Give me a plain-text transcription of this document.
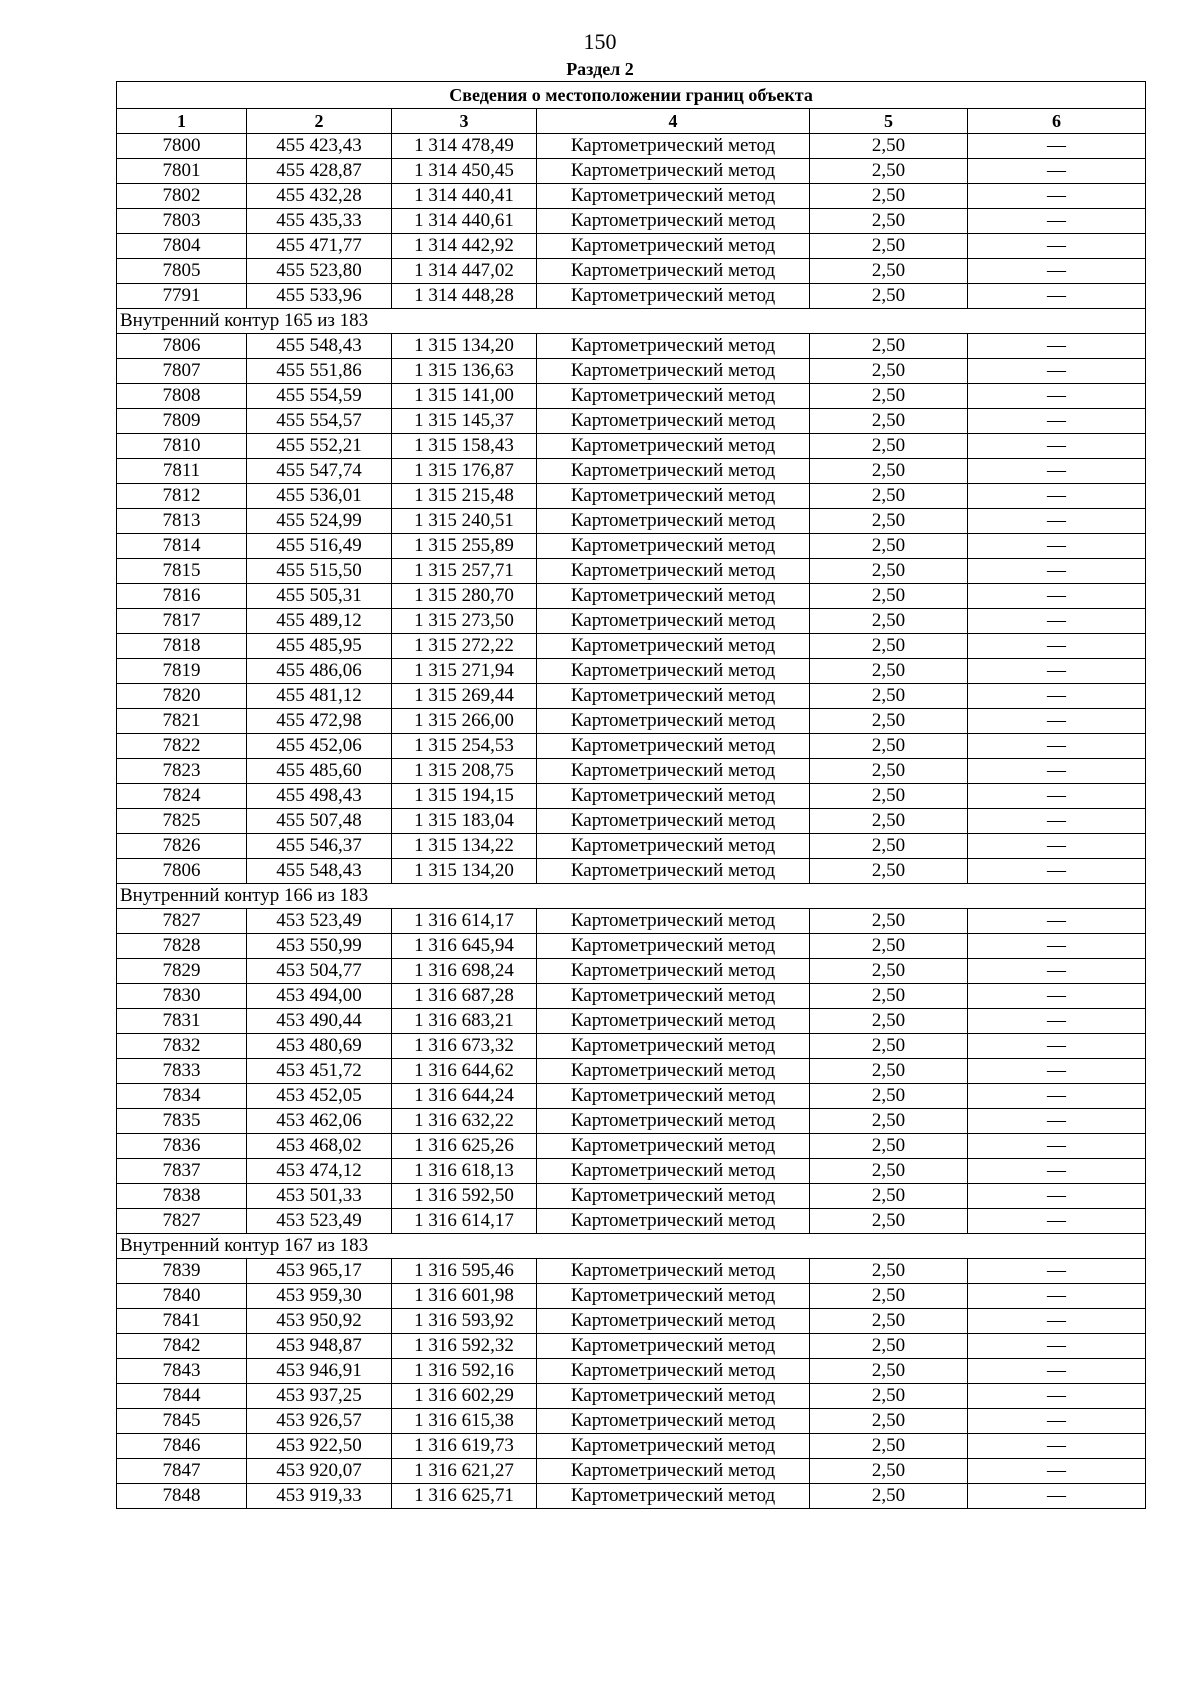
150
Раздел 2
Сведения о местоположении границ объекта					
1	2	3	4	5	6
7800	455 423,43	1 314 478,49	Картометрический метод	2,50	—
7801	455 428,87	1 314 450,45	Картометрический метод	2,50	—
7802	455 432,28	1 314 440,41	Картометрический метод	2,50	—
7803	455 435,33	1 314 440,61	Картометрический метод	2,50	—
7804	455 471,77	1 314 442,92	Картометрический метод	2,50	—
7805	455 523,80	1 314 447,02	Картометрический метод	2,50	—
7791	455 533,96	1 314 448,28	Картометрический метод	2,50	—
Внутренний контур 165 из 183					
7806	455 548,43	1 315 134,20	Картометрический метод	2,50	—
7807	455 551,86	1 315 136,63	Картометрический метод	2,50	—
7808	455 554,59	1 315 141,00	Картометрический метод	2,50	—
7809	455 554,57	1 315 145,37	Картометрический метод	2,50	—
7810	455 552,21	1 315 158,43	Картометрический метод	2,50	—
7811	455 547,74	1 315 176,87	Картометрический метод	2,50	—
7812	455 536,01	1 315 215,48	Картометрический метод	2,50	—
7813	455 524,99	1 315 240,51	Картометрический метод	2,50	—
7814	455 516,49	1 315 255,89	Картометрический метод	2,50	—
7815	455 515,50	1 315 257,71	Картометрический метод	2,50	—
7816	455 505,31	1 315 280,70	Картометрический метод	2,50	—
7817	455 489,12	1 315 273,50	Картометрический метод	2,50	—
7818	455 485,95	1 315 272,22	Картометрический метод	2,50	—
7819	455 486,06	1 315 271,94	Картометрический метод	2,50	—
7820	455 481,12	1 315 269,44	Картометрический метод	2,50	—
7821	455 472,98	1 315 266,00	Картометрический метод	2,50	—
7822	455 452,06	1 315 254,53	Картометрический метод	2,50	—
7823	455 485,60	1 315 208,75	Картометрический метод	2,50	—
7824	455 498,43	1 315 194,15	Картометрический метод	2,50	—
7825	455 507,48	1 315 183,04	Картометрический метод	2,50	—
7826	455 546,37	1 315 134,22	Картометрический метод	2,50	—
7806	455 548,43	1 315 134,20	Картометрический метод	2,50	—
Внутренний контур 166 из 183					
7827	453 523,49	1 316 614,17	Картометрический метод	2,50	—
7828	453 550,99	1 316 645,94	Картометрический метод	2,50	—
7829	453 504,77	1 316 698,24	Картометрический метод	2,50	—
7830	453 494,00	1 316 687,28	Картометрический метод	2,50	—
7831	453 490,44	1 316 683,21	Картометрический метод	2,50	—
7832	453 480,69	1 316 673,32	Картометрический метод	2,50	—
7833	453 451,72	1 316 644,62	Картометрический метод	2,50	—
7834	453 452,05	1 316 644,24	Картометрический метод	2,50	—
7835	453 462,06	1 316 632,22	Картометрический метод	2,50	—
7836	453 468,02	1 316 625,26	Картометрический метод	2,50	—
7837	453 474,12	1 316 618,13	Картометрический метод	2,50	—
7838	453 501,33	1 316 592,50	Картометрический метод	2,50	—
7827	453 523,49	1 316 614,17	Картометрический метод	2,50	—
Внутренний контур 167 из 183					
7839	453 965,17	1 316 595,46	Картометрический метод	2,50	—
7840	453 959,30	1 316 601,98	Картометрический метод	2,50	—
7841	453 950,92	1 316 593,92	Картометрический метод	2,50	—
7842	453 948,87	1 316 592,32	Картометрический метод	2,50	—
7843	453 946,91	1 316 592,16	Картометрический метод	2,50	—
7844	453 937,25	1 316 602,29	Картометрический метод	2,50	—
7845	453 926,57	1 316 615,38	Картометрический метод	2,50	—
7846	453 922,50	1 316 619,73	Картометрический метод	2,50	—
7847	453 920,07	1 316 621,27	Картометрический метод	2,50	—
7848	453 919,33	1 316 625,71	Картометрический метод	2,50	—
